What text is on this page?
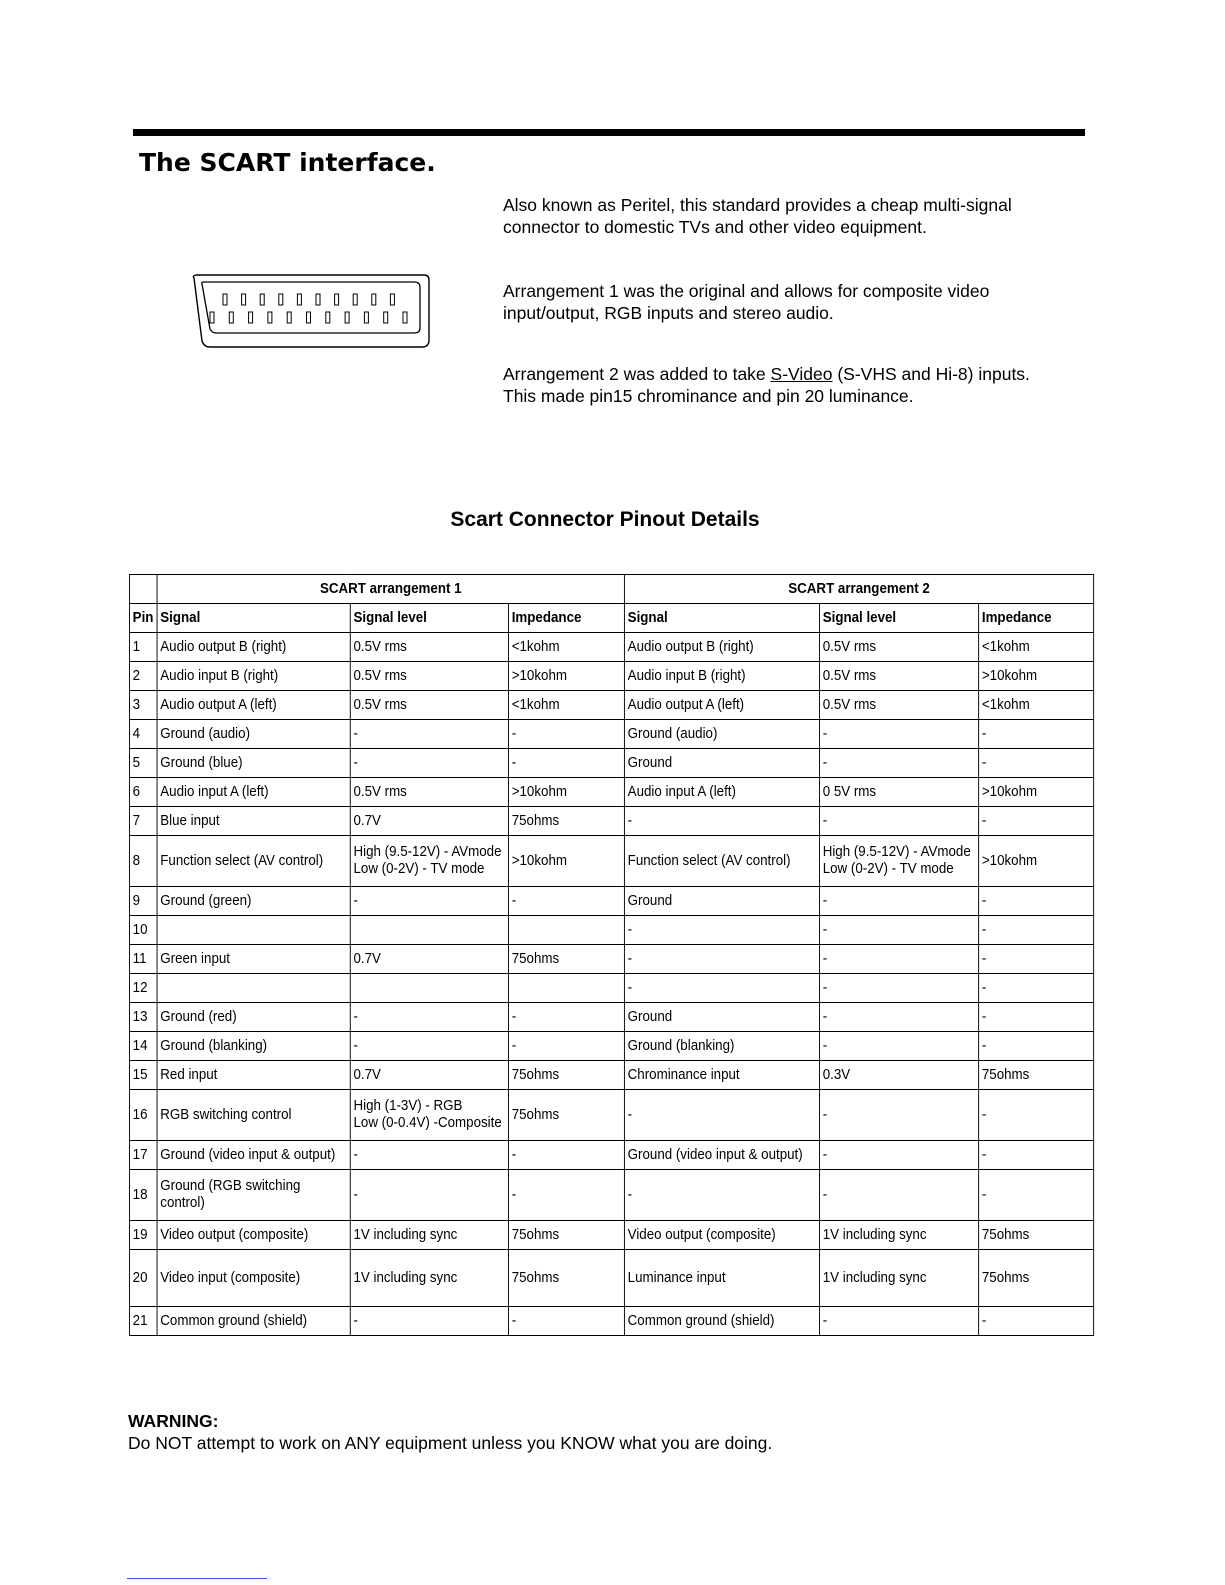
The SCART interface.

Also known as Peritel, this standard provides a cheap multi-signal connector to domestic TVs and other video equipment.

Arrangement 1 was the original and allows for composite video input/output, RGB inputs and stereo audio.

Arrangement 2 was added to take S-Video (S-VHS and Hi-8) inputs. This made pin15 chrominance and pin 20 luminance.

Scart Connector Pinout Details
	SCART arrangement 1			SCART arrangement 2		
Pin	Signal	Signal level	Impedance	Signal	Signal level	Impedance
1	Audio output B (right)	0.5V rms	<1kohm	Audio output B (right)	0.5V rms	<1kohm
2	Audio input B (right)	0.5V rms	>10kohm	Audio input B (right)	0.5V rms	>10kohm
3	Audio output A (left)	0.5V rms	<1kohm	Audio output A (left)	0.5V rms	<1kohm
4	Ground (audio)	-	-	Ground (audio)	-	-
5	Ground (blue)	-	-	Ground	-	-
6	Audio input A (left)	0.5V rms	>10kohm	Audio input A (left)	0 5V rms	>10kohm
7	Blue input	0.7V	75ohms	-	-	-
8	Function select (AV control)	High (9.5-12V) - AVmode
Low (0-2V) - TV mode	>10kohm	Function select (AV control)	High (9.5-12V) - AVmode
Low (0-2V) - TV mode	>10kohm
9	Ground (green)	-	-	Ground	-	-
10				-	-	-
11	Green input	0.7V	75ohms	-	-	-
12				-	-	-
13	Ground (red)	-	-	Ground	-	-
14	Ground (blanking)	-	-	Ground (blanking)	-	-
15	Red input	0.7V	75ohms	Chrominance input	0.3V	75ohms
16	RGB switching control	High (1-3V) - RGB
Low (0-0.4V) -Composite	75ohms	-	-	-
17	Ground (video input & output)	-	-	Ground (video input & output)	-	-
18	Ground (RGB switching
control)	-	-	-	-	-
19	Video output (composite)	1V including sync	75ohms	Video output (composite)	1V including sync	75ohms
20	Video input (composite)	1V including sync	75ohms	Luminance input	1V including sync	75ohms
21	Common ground (shield)	-	-	Common ground (shield)	-	-
WARNING:
Do NOT attempt to work on ANY equipment unless you KNOW what you are doing.
